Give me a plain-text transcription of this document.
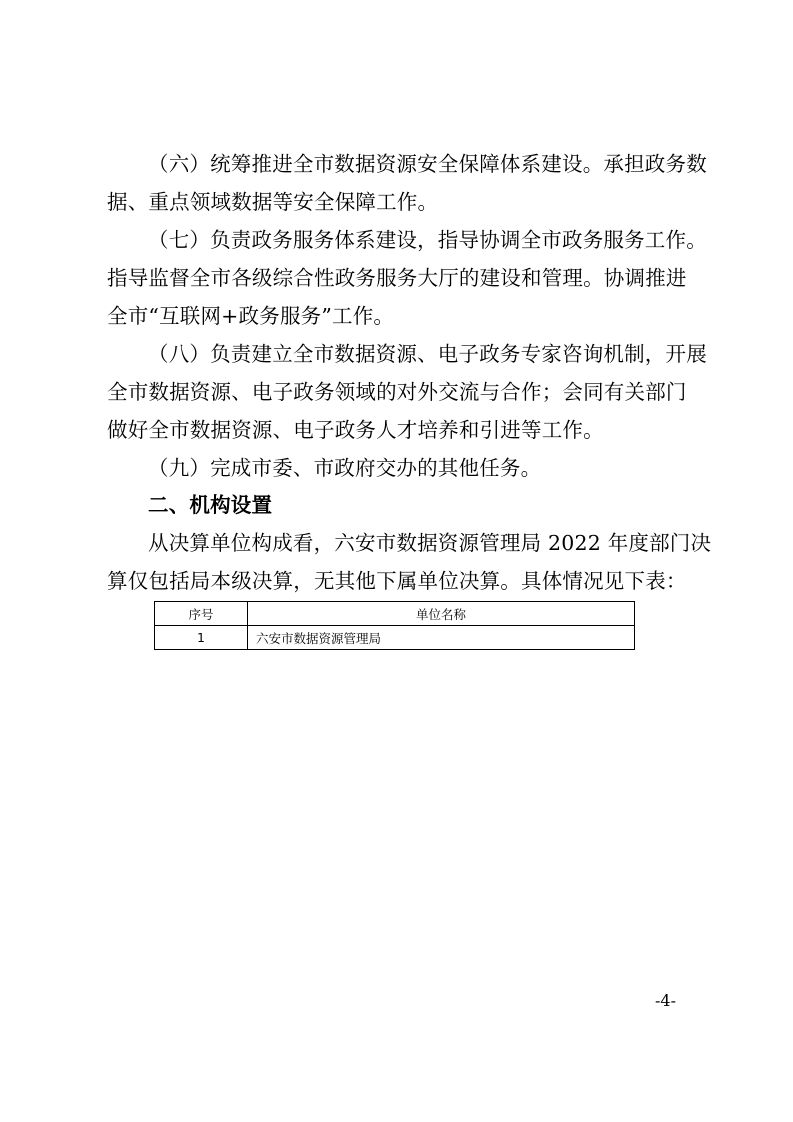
（六）统筹推进全市数据资源安全保障体系建设。承担政务数
据、重点领域数据等安全保障工作。
（七）负责政务服务体系建设，指导协调全市政务服务工作。
指导监督全市各级综合性政务服务大厅的建设和管理。协调推进
全市“互联网+政务服务”工作。
（八）负责建立全市数据资源、电子政务专家咨询机制，开展
全市数据资源、电子政务领域的对外交流与合作；会同有关部门
做好全市数据资源、电子政务人才培养和引进等工作。
（九）完成市委、市政府交办的其他任务。
二、机构设置
从决算单位构成看，六安市数据资源管理局 2022 年度部门决
算仅包括局本级决算，无其他下属单位决算。具体情况见下表：
序号	单位名称
1	六安市数据资源管理局
-4-
